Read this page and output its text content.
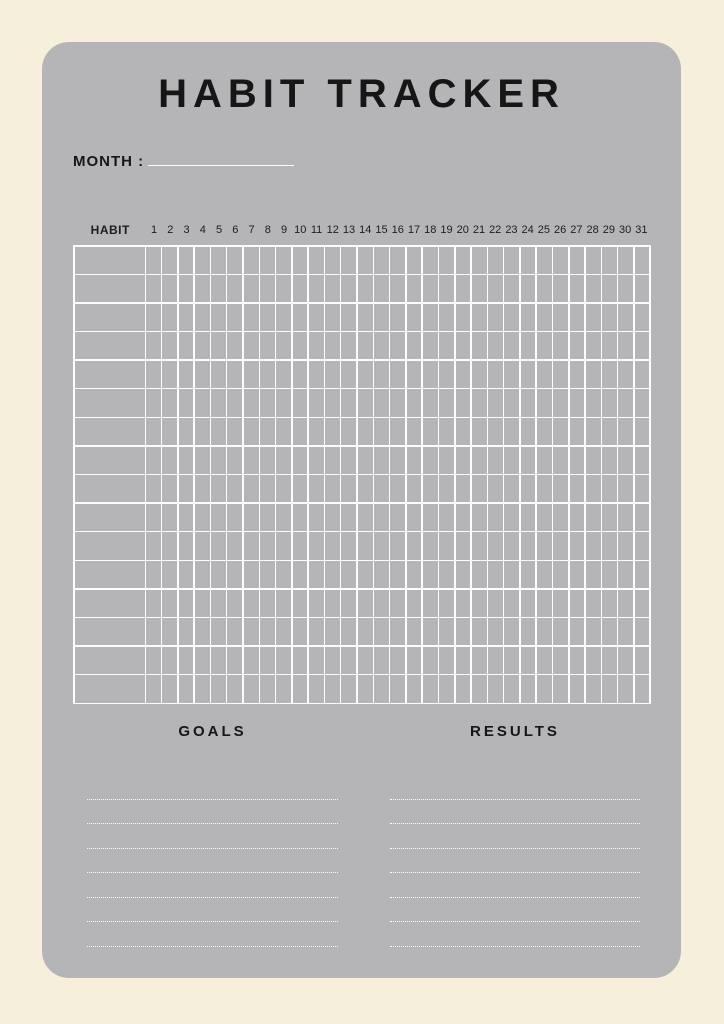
HABIT TRACKER
MONTH :
HABIT	1 2 3 4 5 6 7 8 9 10 11 12 13 14 15 16 17 18 19 20 21 22 23 24 25 26 27 28 29 30 31
GOALS	RESULTS
